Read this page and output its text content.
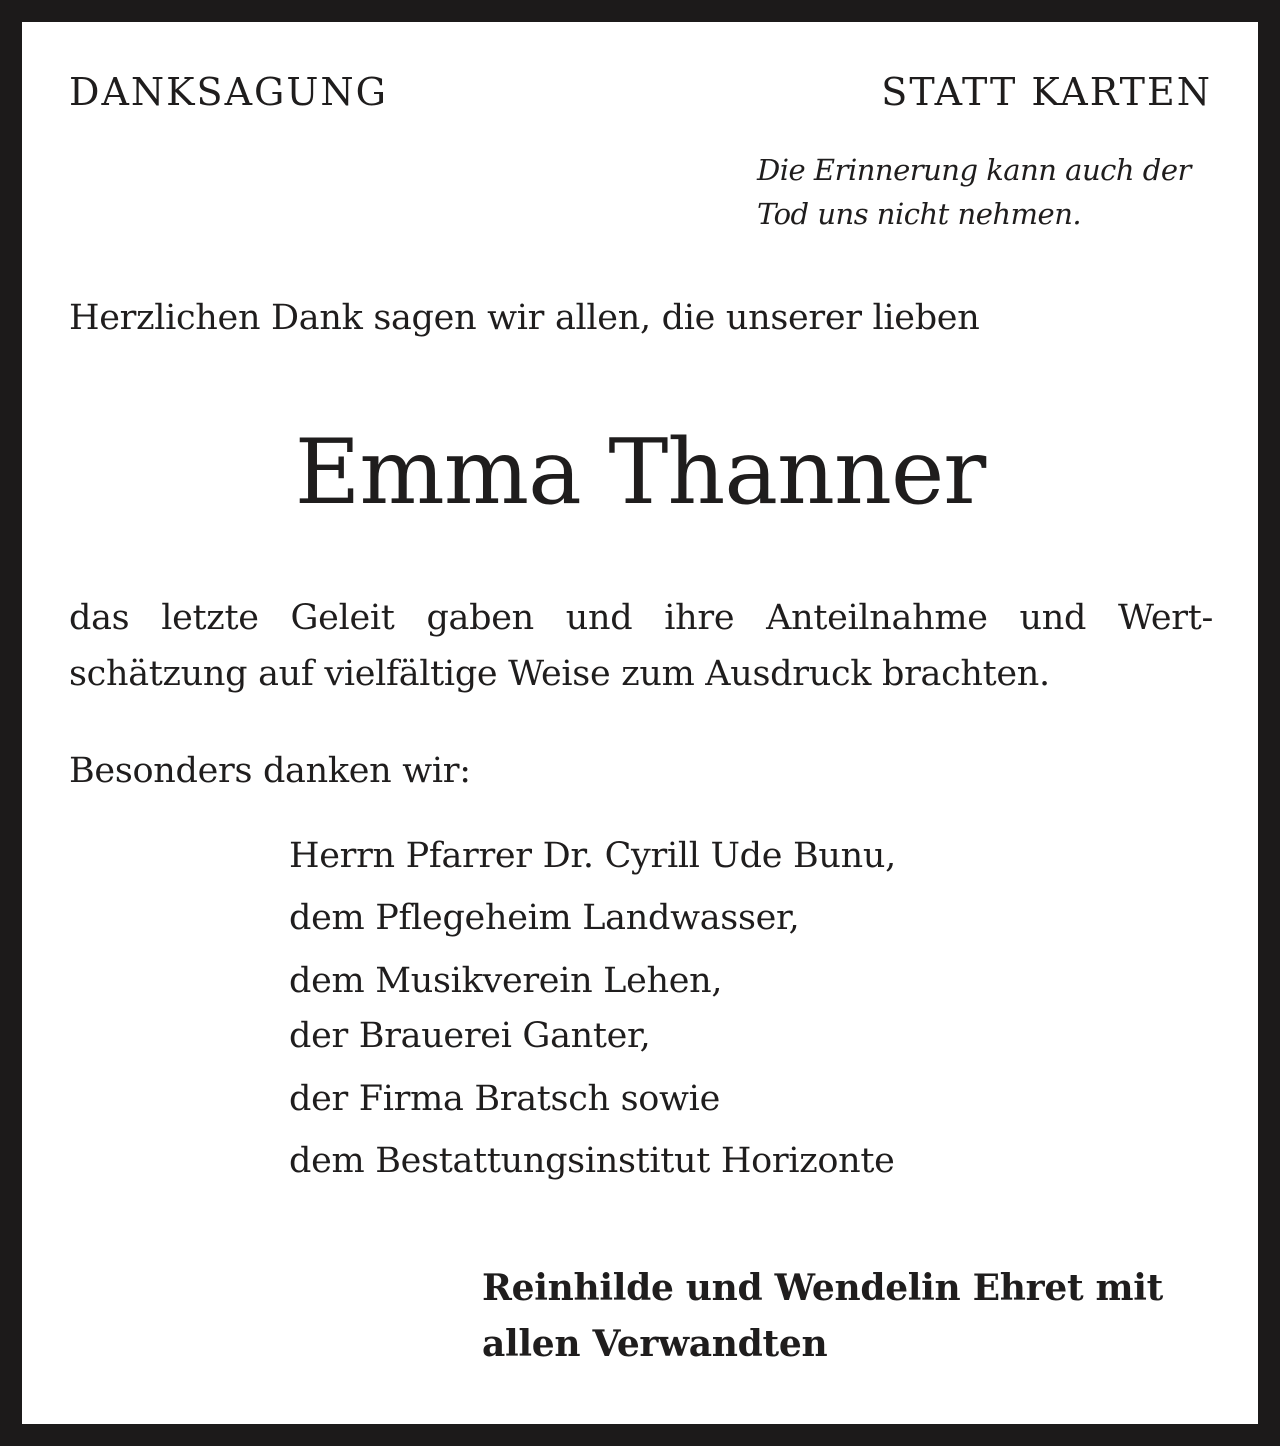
DANKSAGUNG	STATT KARTEN
Die Erinnerung kann auch der
Tod uns nicht nehmen.
Herzlichen Dank sagen wir allen, die unserer lieben
Emma Thanner
das letzte Geleit gaben und ihre Anteilnahme und Wert-
schätzung auf vielfältige Weise zum Ausdruck brachten.
Besonders danken wir:
Herrn Pfarrer Dr. Cyrill Ude Bunu,
dem Pflegeheim Landwasser,
dem Musikverein Lehen,
der Brauerei Ganter,
der Firma Bratsch sowie
dem Bestattungsinstitut Horizonte
Reinhilde und Wendelin Ehret mit
allen Verwandten
